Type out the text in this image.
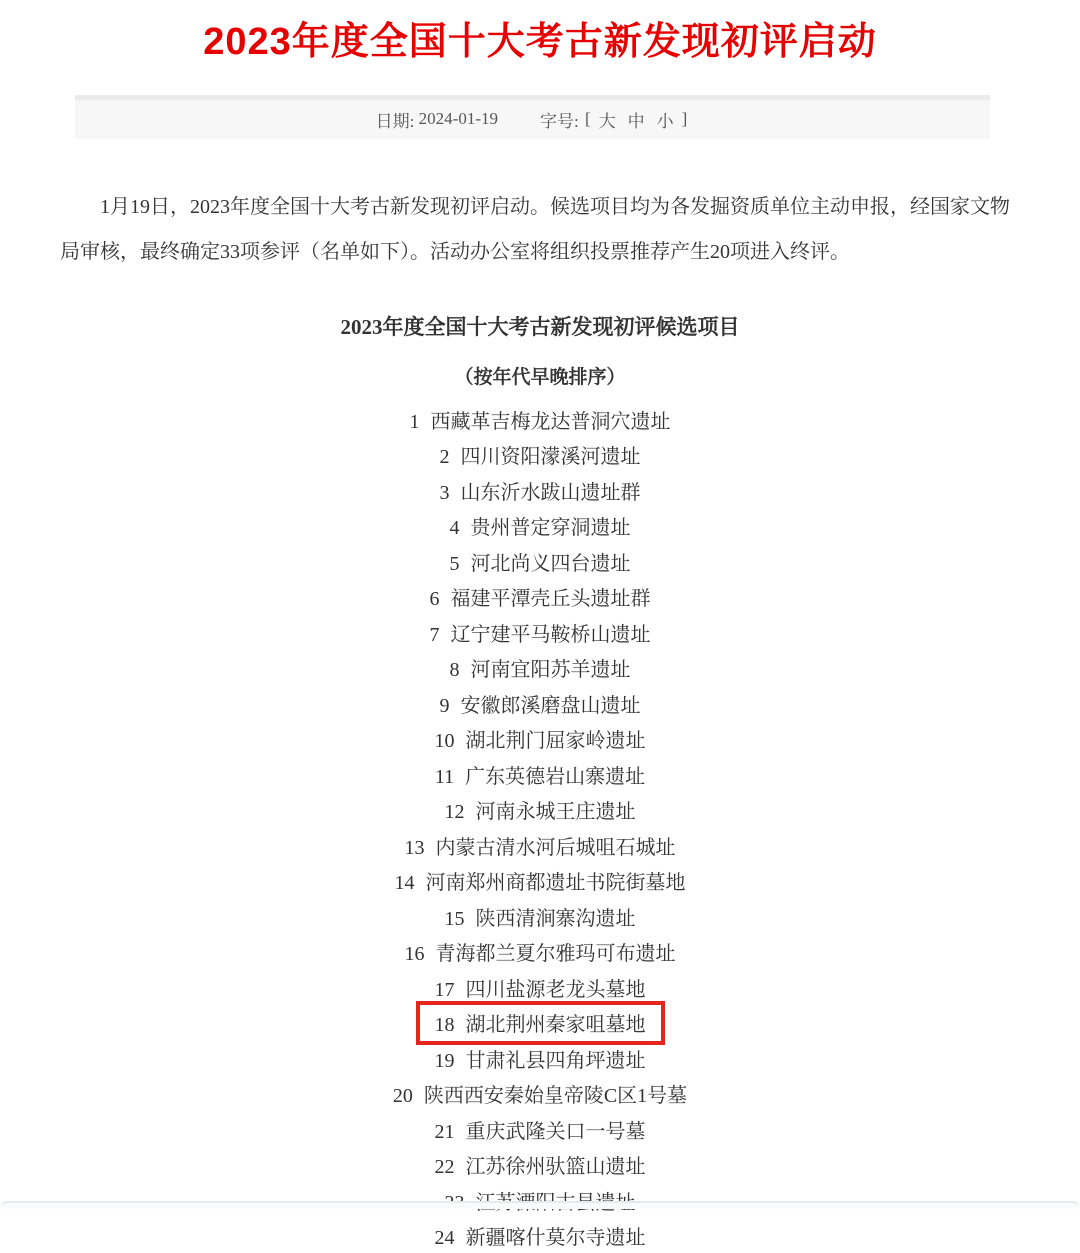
2023年度全国十大考古新发现初评启动
日期: 2024-01-19 字号: [ 大 中 小 ]

1月19日，2023年度全国十大考古新发现初评启动。候选项目均为各发掘资质单位主动申报，经国家文物局审核，最终确定33项参评（名单如下）。活动办公室将组织投票推荐产生20项进入终评。

2023年度全国十大考古新发现初评候选项目
（按年代早晚排序）
1 西藏革吉梅龙达普洞穴遗址
2 四川资阳濛溪河遗址
3 山东沂水跋山遗址群
4 贵州普定穿洞遗址
5 河北尚义四台遗址
6 福建平潭壳丘头遗址群
7 辽宁建平马鞍桥山遗址
8 河南宜阳苏羊遗址
9 安徽郎溪磨盘山遗址
10 湖北荆门屈家岭遗址
11 广东英德岩山寨遗址
12 河南永城王庄遗址
13 内蒙古清水河后城咀石城址
14 河南郑州商都遗址书院街墓地
15 陕西清涧寨沟遗址
16 青海都兰夏尔雅玛可布遗址
17 四川盐源老龙头墓地
18 湖北荆州秦家咀墓地
19 甘肃礼县四角坪遗址
20 陕西西安秦始皇帝陵C区1号墓
21 重庆武隆关口一号墓
22 江苏徐州驮篮山遗址
24 新疆喀什莫尔寺遗址
